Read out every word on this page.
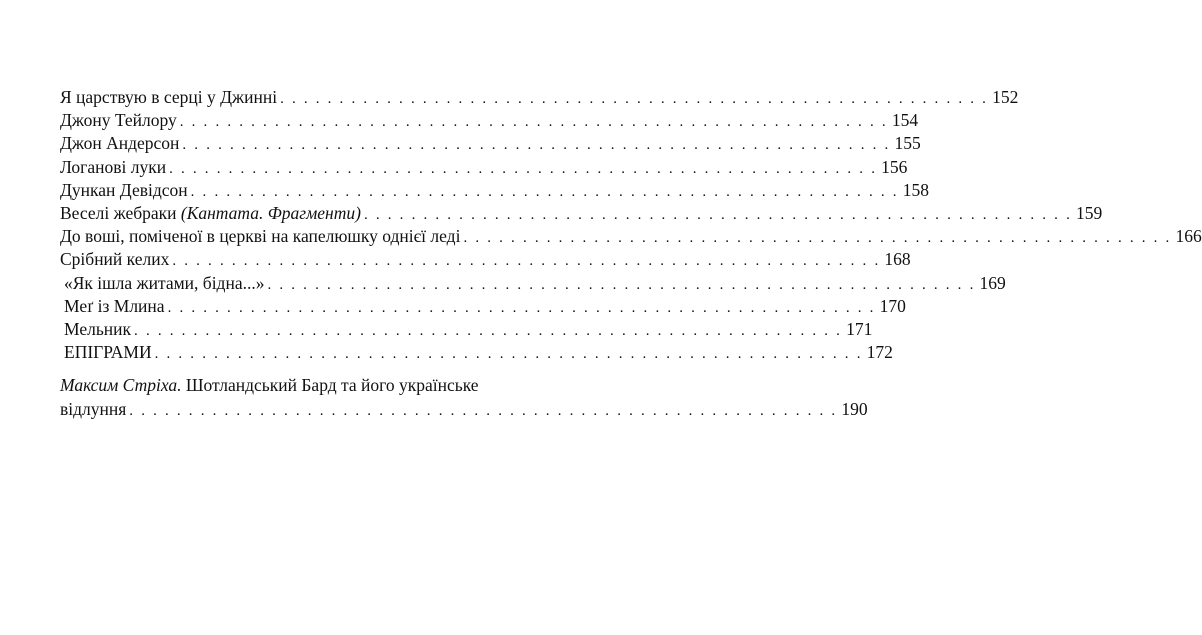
Я царствую в серці у Джинні . . . . . . . . . . . . . . . . . . . . . . . . . . . . . . . . . . . . . . . . . . . . . . . . . . . . . . . . . . . . 152
Джону Тейлору . . . . . . . . . . . . . . . . . . . . . . . . . . . . . . . . . . . . . . . . . . . . . . . . . . . . . . . . . . . . 154
Джон Андерсон . . . . . . . . . . . . . . . . . . . . . . . . . . . . . . . . . . . . . . . . . . . . . . . . . . . . . . . . . . . . 155
Логанові луки . . . . . . . . . . . . . . . . . . . . . . . . . . . . . . . . . . . . . . . . . . . . . . . . . . . . . . . . . . . . 156
Дункан Девідсон . . . . . . . . . . . . . . . . . . . . . . . . . . . . . . . . . . . . . . . . . . . . . . . . . . . . . . . . . . . . 158
Веселі жебраки (Кантата. Фрагменти) . . . . . . . . . . . . . . . . . . . . . . . . . . . . . . . . . . . . . . . . . . . . . . . . . . . . . . . . . . . . 159
До воші, поміченої в церкві на капелюшку однієї леді . . . . . . . . . . . . . . . . . . . . . . . . . . . . . . . . . . . . . . . . . . . . . . . . . . . . . . . . . . . . 166
Срібний келих . . . . . . . . . . . . . . . . . . . . . . . . . . . . . . . . . . . . . . . . . . . . . . . . . . . . . . . . . . . . 168
«Як ішла житами, бідна...» . . . . . . . . . . . . . . . . . . . . . . . . . . . . . . . . . . . . . . . . . . . . . . . . . . . . . . . . . . . . 169
Меґ із Млина . . . . . . . . . . . . . . . . . . . . . . . . . . . . . . . . . . . . . . . . . . . . . . . . . . . . . . . . . . . . 170
Мельник . . . . . . . . . . . . . . . . . . . . . . . . . . . . . . . . . . . . . . . . . . . . . . . . . . . . . . . . . . . . 171
ЕПІГРАМИ . . . . . . . . . . . . . . . . . . . . . . . . . . . . . . . . . . . . . . . . . . . . . . . . . . . . . . . . . . . . 172
Максим Стріха. Шотландський Бард та його українське
відлуння . . . . . . . . . . . . . . . . . . . . . . . . . . . . . . . . . . . . . . . . . . . . . . . . . . . . . . . . . . . . 190
